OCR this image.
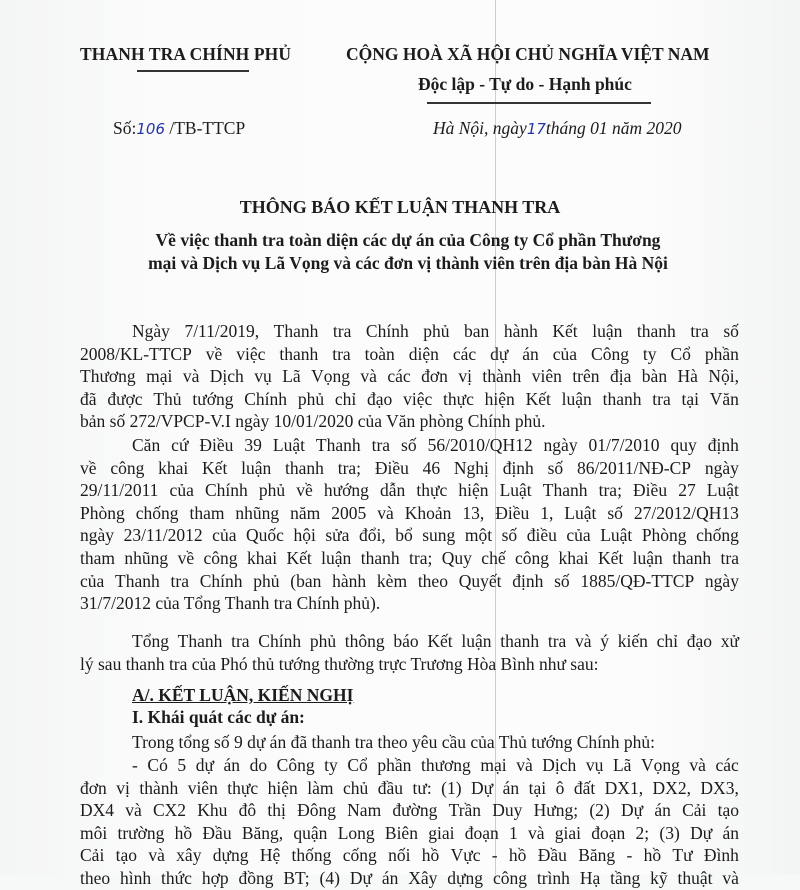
THANH TRA CHÍNH PHỦ	CỘNG HOÀ XÃ HỘI CHỦ NGHĨA VIỆT NAM
Độc lập - Tự do - Hạnh phúc
Số:106 /TB-TTCP	Hà Nội, ngày17tháng 01 năm 2020
THÔNG BÁO KẾT LUẬN THANH TRA
Về việc thanh tra toàn diện các dự án của Công ty Cổ phần Thương
mại và Dịch vụ Lã Vọng và các đơn vị thành viên trên địa bàn Hà Nội
Ngày 7/11/2019, Thanh tra Chính phủ ban hành Kết luận thanh tra số
2008/KL-TTCP về việc thanh tra toàn diện các dự án của Công ty Cổ phần
Thương mại và Dịch vụ Lã Vọng và các đơn vị thành viên trên địa bàn Hà Nội,
đã được Thủ tướng Chính phủ chỉ đạo việc thực hiện Kết luận thanh tra tại Văn
bản số 272/VPCP-V.I ngày 10/01/2020 của Văn phòng Chính phủ.
Căn cứ Điều 39 Luật Thanh tra số 56/2010/QH12 ngày 01/7/2010 quy định
về công khai Kết luận thanh tra; Điều 46 Nghị định số 86/2011/NĐ-CP ngày
29/11/2011 của Chính phủ về hướng dẫn thực hiện Luật Thanh tra; Điều 27 Luật
Phòng chống tham nhũng năm 2005 và Khoản 13, Điều 1, Luật số 27/2012/QH13
ngày 23/11/2012 của Quốc hội sửa đổi, bổ sung một số điều của Luật Phòng chống
tham nhũng về công khai Kết luận thanh tra; Quy chế công khai Kết luận thanh tra
của Thanh tra Chính phủ (ban hành kèm theo Quyết định số 1885/QĐ-TTCP ngày
31/7/2012 của Tổng Thanh tra Chính phủ).
Tổng Thanh tra Chính phủ thông báo Kết luận thanh tra và ý kiến chỉ đạo xử
lý sau thanh tra của Phó thủ tướng thường trực Trương Hòa Bình như sau:
A/. KẾT LUẬN, KIẾN NGHỊ
I. Khái quát các dự án:
Trong tổng số 9 dự án đã thanh tra theo yêu cầu của Thủ tướng Chính phủ:
- Có 5 dự án do Công ty Cổ phần thương mại và Dịch vụ Lã Vọng và các
đơn vị thành viên thực hiện làm chủ đầu tư: (1) Dự án tại ô đất DX1, DX2, DX3,
DX4 và CX2 Khu đô thị Đông Nam đường Trần Duy Hưng; (2) Dự án Cải tạo
môi trường hồ Đầu Băng, quận Long Biên giai đoạn 1 và giai đoạn 2; (3) Dự án
Cải tạo và xây dựng Hệ thống cống nối hồ Vực - hồ Đầu Băng - hồ Tư Đình
theo hình thức hợp đồng BT; (4) Dự án Xây dựng công trình Hạ tầng kỹ thuật và
